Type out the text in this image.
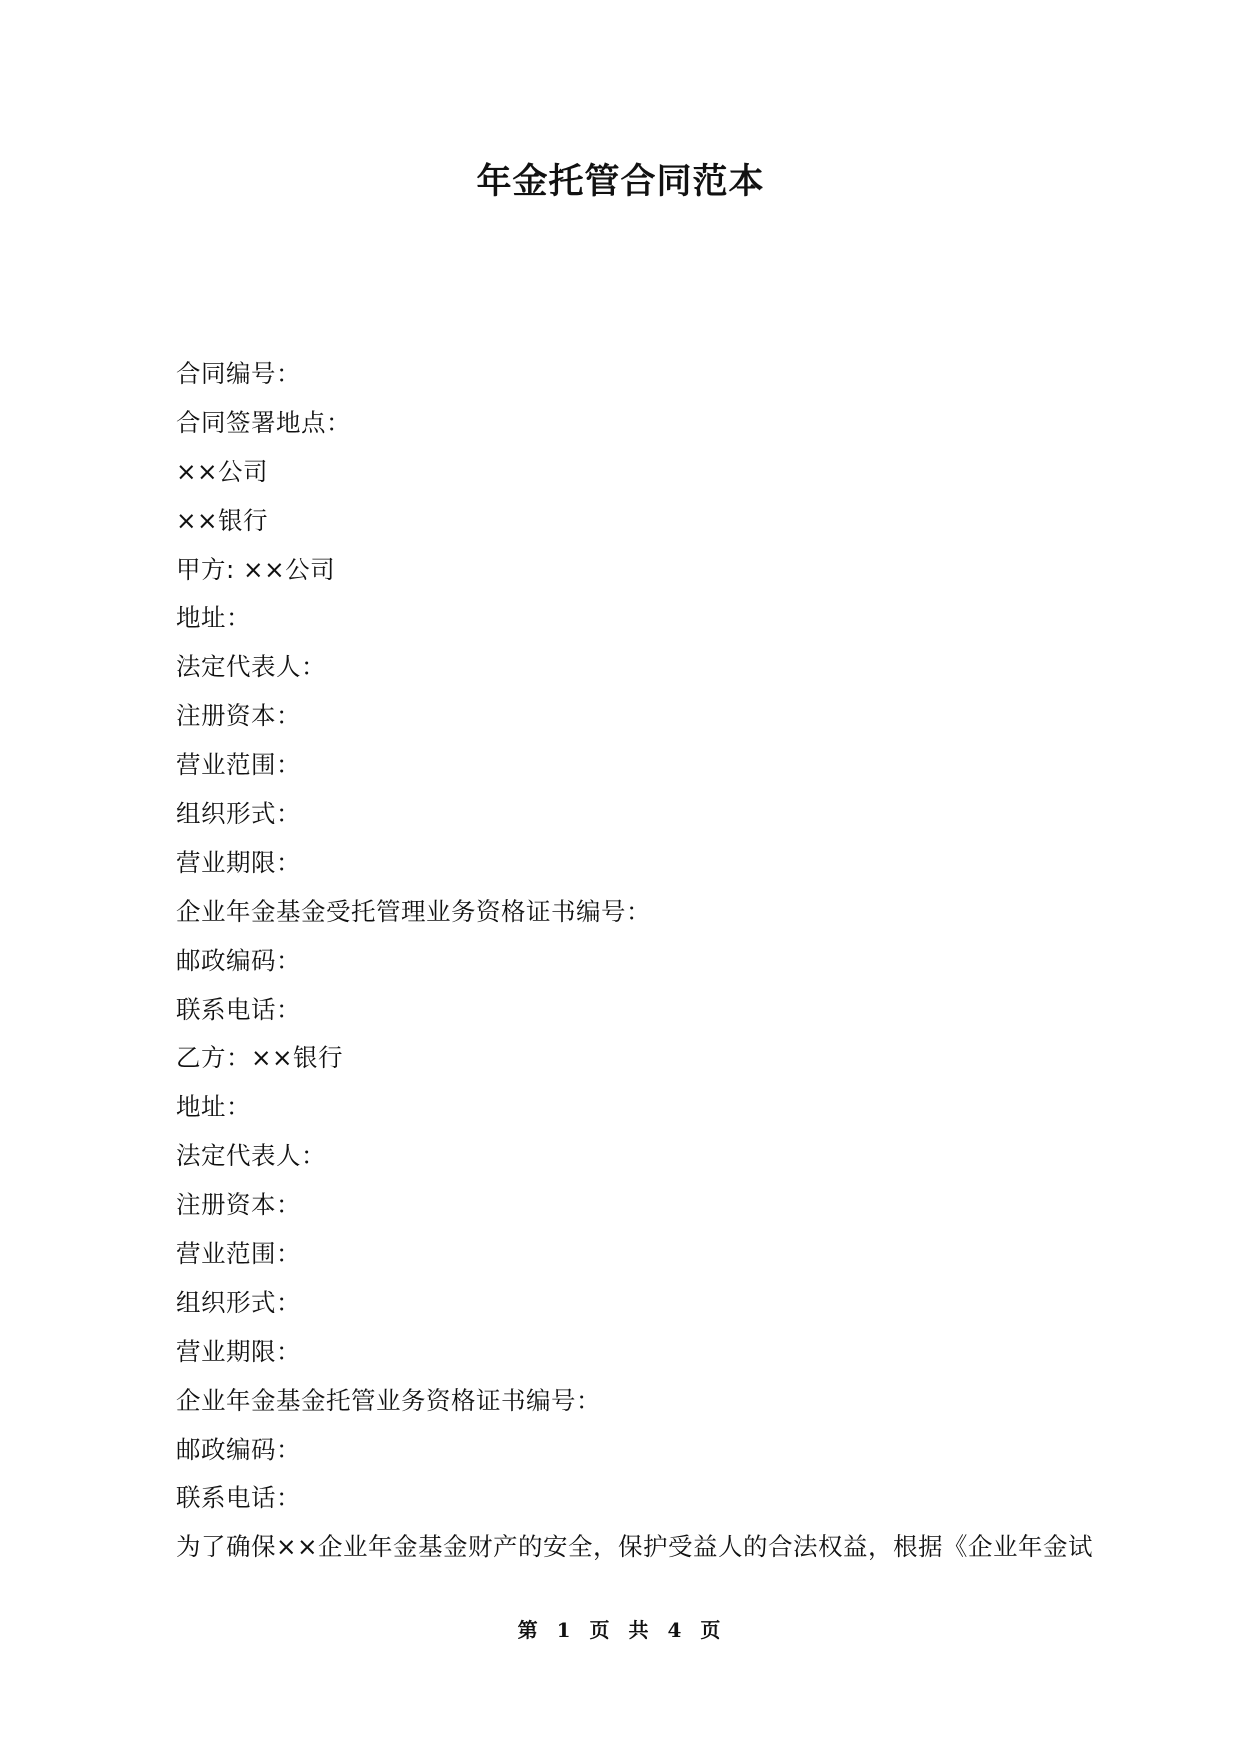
年金托管合同范本
合同编号：
合同签署地点：
××公司
××银行
甲方: ××公司
地址：
法定代表人：
注册资本：
营业范围：
组织形式：
营业期限：
企业年金基金受托管理业务资格证书编号：
邮政编码：
联系电话：
乙方：××银行
地址：
法定代表人：
注册资本：
营业范围：
组织形式：
营业期限：
企业年金基金托管业务资格证书编号：
邮政编码：
联系电话：
为了确保××企业年金基金财产的安全，保护受益人的合法权益，根据《企业年金试
第 1 页 共 4 页
